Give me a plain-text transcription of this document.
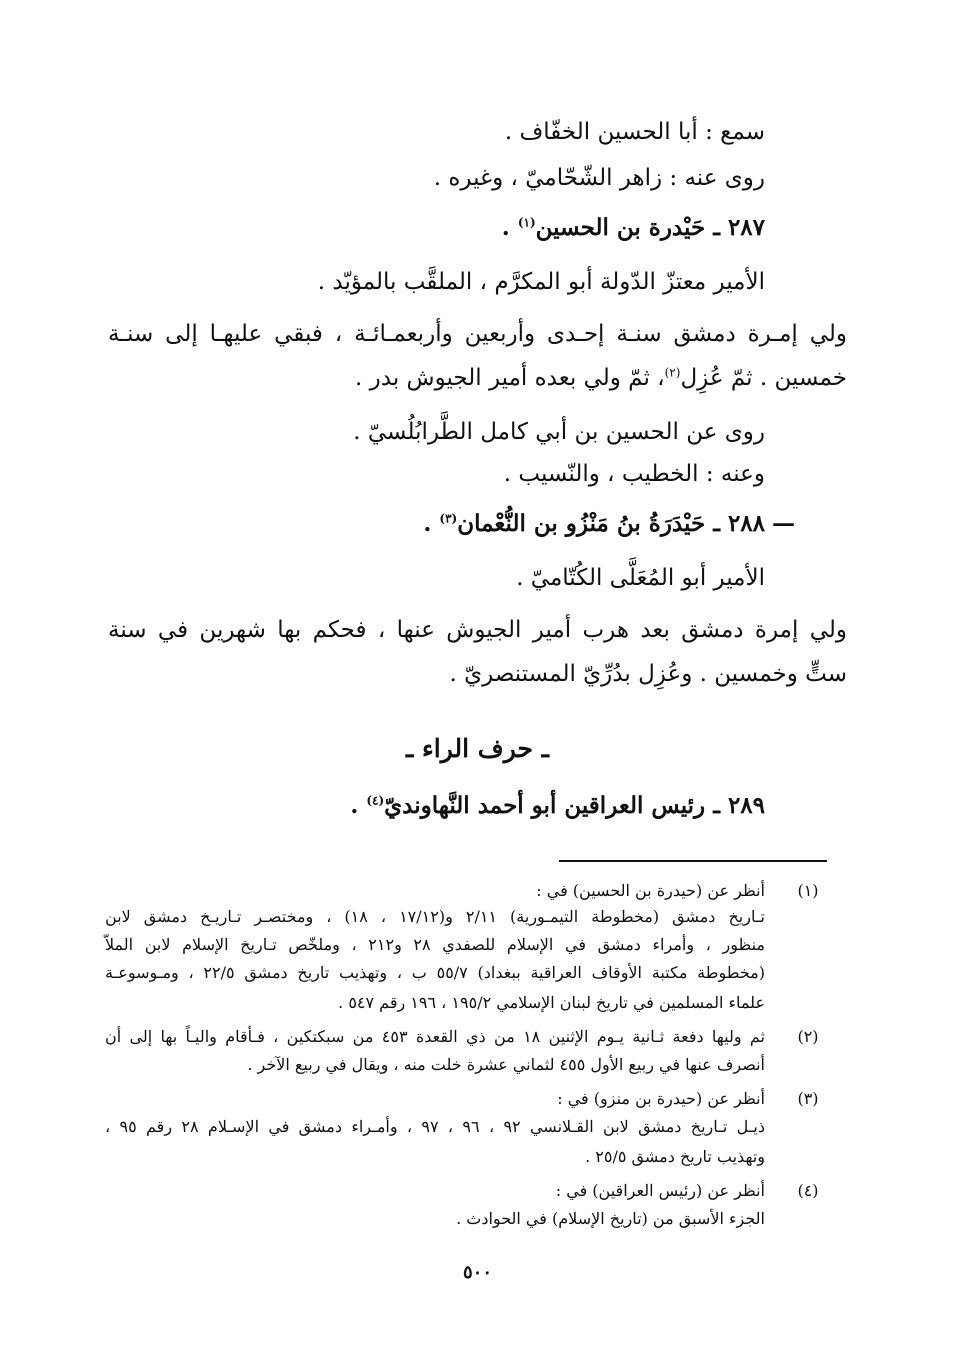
سمع : أبا الحسين الخفّاف .
روى عنه : زاهر الشّحّاميّ ، وغيره .
٢٨٧ ـ حَيْدرة بن الحسين$^{(١)}$ .
الأمير معتزّ الدّولة أبو المكرَّم ، الملقَّب بالمؤيّد .
ولي إمـرة دمشق سنـة إحـدى وأربعين وأربعمـائـة ، فبقي عليهـا إلى سنـة
خمسين . ثمّ عُزِل$^{(٢)}$، ثمّ ولي بعده أمير الجيوش بدر .
روى عن الحسين بن أبي كامل الطَّرابُلُسيّ .
وعنه : الخطيب ، والنّسيب .
—
٢٨٨ ـ حَيْدَرَةُ بنُ مَنْزُو بن النُّعْمان$^{(٣)}$ .
الأمير أبو المُعَلَّى الكُتّاميّ .
ولي إمرة دمشق بعد هرب أمير الجيوش عنها ، فحكم بها شهرين في سنة
ستٍّ وخمسين . وعُزِل بدُرِّيّ المستنصريّ .
ـ حرف الراء ـ
٢٨٩ ـ رئيس العراقين أبو أحمد النَّهاونديّ$^{(٤)}$ .
(١)
أنظر عن (حيدرة بن الحسين) في :
تـاريخ دمشق (مخطوطة التيمـورية) ٢/١١ و(١٧/١٢ ، ١٨) ، ومختصـر تـاريـخ دمشق لابن
منظور ، وأمراء دمشق في الإسلام للصفدي ٢٨ و٢١٢ ، وملخّص تـاريخ الإسلام لابن الملاّ
(مخطوطة مكتبة الأوقاف العراقية ببغداد) ٥٥/٧ ب ، وتهذيب تاريخ دمشق ٢٢/٥ ، ومـوسوعـة
علماء المسلمين في تاريخ لبنان الإسلامي ١٩٥/٢ ، ١٩٦ رقم ٥٤٧ .
(٢)
ثم وليها دفعة ثـانية يـوم الإثنين ١٨ من ذي القعدة ٤٥٣ من سبكتكين ، فـأقام واليـاً بها إلى أن
أنصرف عنها في ربيع الأول ٤٥٥ لثماني عشرة خلت منه ، ويقال في ربيع الآخر .
(٣)
أنظر عن (حيدرة بن منزو) في :
ذيـل تـاريخ دمشق لابن القـلانسي ٩٢ ، ٩٦ ، ٩٧ ، وأمـراء دمشق في الإسـلام ٢٨ رقم ٩٥ ،
وتهذيب تاريخ دمشق ٢٥/٥ .
(٤)
أنظر عن (رئيس العراقين) في :
الجزء الأسبق من (تاريخ الإسلام) في الحوادث .
٥٠٠
